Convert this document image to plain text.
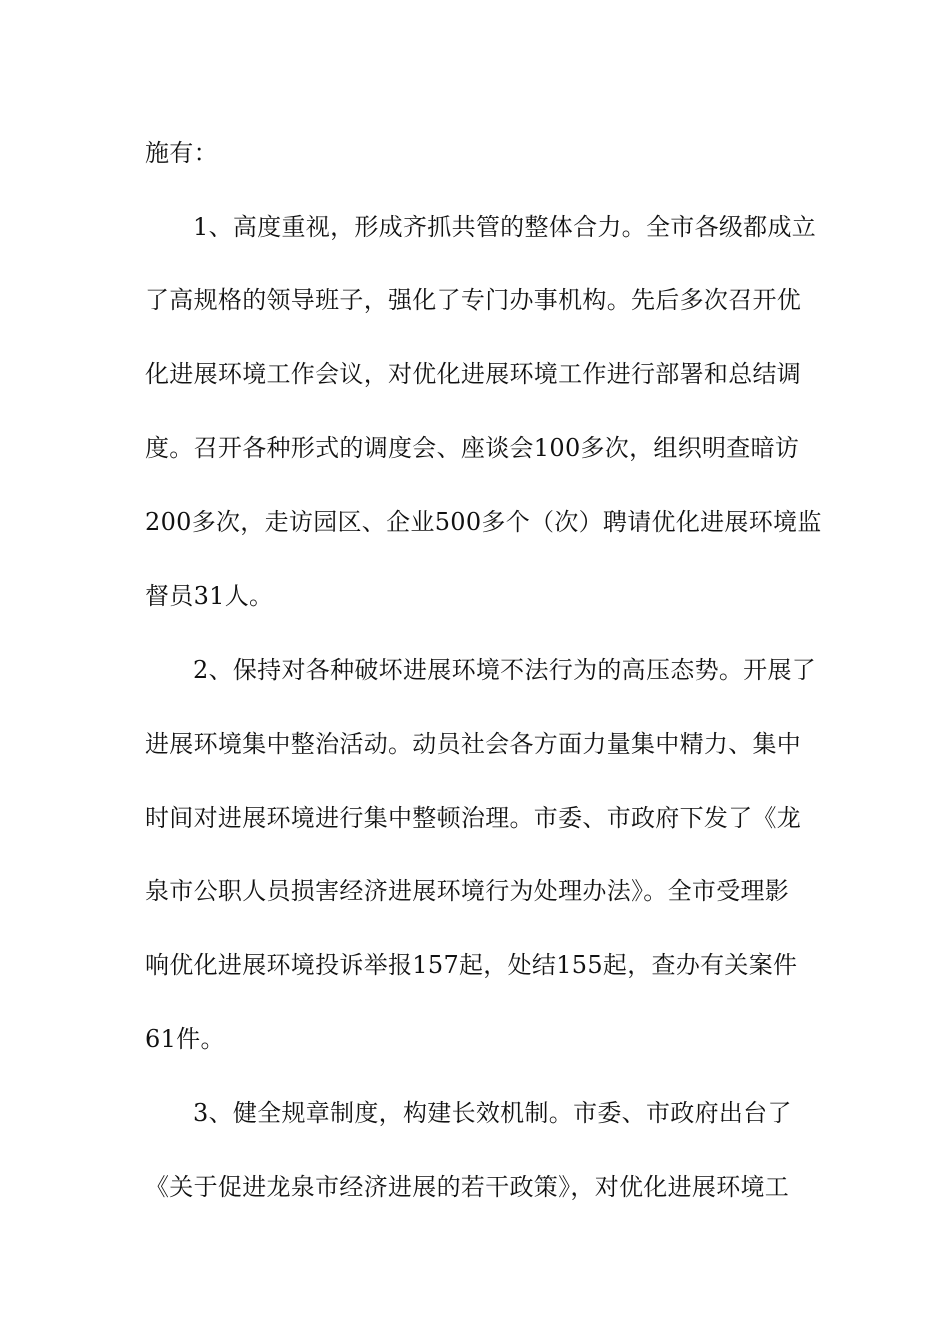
施有：
1、高度重视，形成齐抓共管的整体合力。全市各级都成立
了高规格的领导班子，强化了专门办事机构。先后多次召开优
化进展环境工作会议，对优化进展环境工作进行部署和总结调
度。召开各种形式的调度会、座谈会100多次，组织明查暗访
200多次，走访园区、企业500多个（次）聘请优化进展环境监
督员31人。
2、保持对各种破坏进展环境不法行为的高压态势。开展了
进展环境集中整治活动。动员社会各方面力量集中精力、集中
时间对进展环境进行集中整顿治理。市委、市政府下发了《龙
泉市公职人员损害经济进展环境行为处理办法》。全市受理影
响优化进展环境投诉举报157起，处结155起，查办有关案件
61件。
3、健全规章制度，构建长效机制。市委、市政府出台了
《关于促进龙泉市经济进展的若干政策》，对优化进展环境工
